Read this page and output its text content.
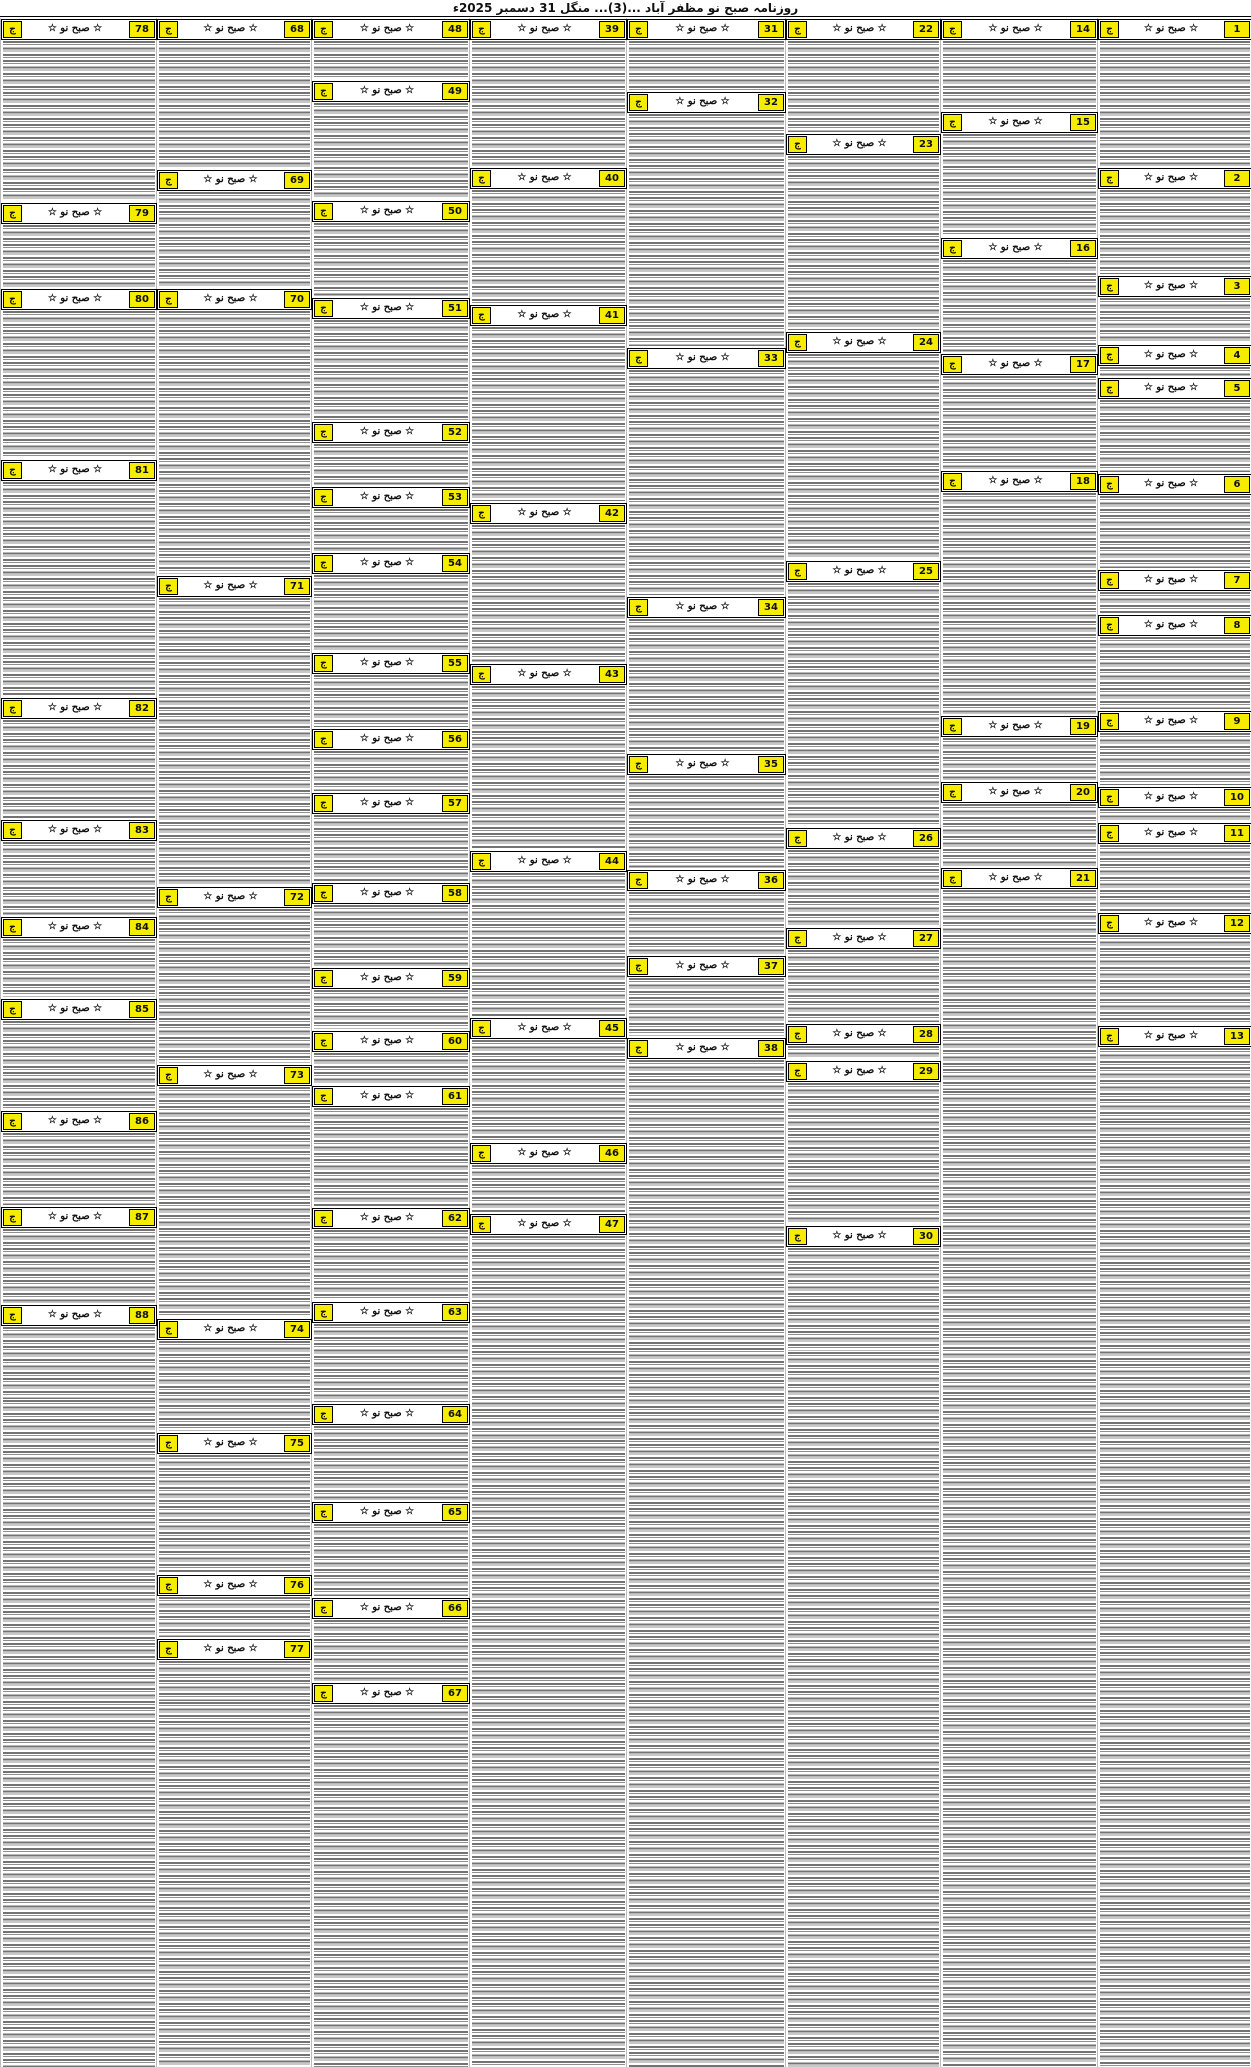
روزنامہ صبح نو مظفر آباد ...(3)... منگل 31 دسمبر 2025ء
1
☆ صبح نو ☆
ج
2
☆ صبح نو ☆
ج
3
☆ صبح نو ☆
ج
4
☆ صبح نو ☆
ج
5
☆ صبح نو ☆
ج
6
☆ صبح نو ☆
ج
7
☆ صبح نو ☆
ج
8
☆ صبح نو ☆
ج
9
☆ صبح نو ☆
ج
10
☆ صبح نو ☆
ج
11
☆ صبح نو ☆
ج
12
☆ صبح نو ☆
ج
13
☆ صبح نو ☆
ج
14
☆ صبح نو ☆
ج
15
☆ صبح نو ☆
ج
16
☆ صبح نو ☆
ج
17
☆ صبح نو ☆
ج
18
☆ صبح نو ☆
ج
19
☆ صبح نو ☆
ج
20
☆ صبح نو ☆
ج
21
☆ صبح نو ☆
ج
22
☆ صبح نو ☆
ج
23
☆ صبح نو ☆
ج
24
☆ صبح نو ☆
ج
25
☆ صبح نو ☆
ج
26
☆ صبح نو ☆
ج
27
☆ صبح نو ☆
ج
28
☆ صبح نو ☆
ج
29
☆ صبح نو ☆
ج
30
☆ صبح نو ☆
ج
31
☆ صبح نو ☆
ج
32
☆ صبح نو ☆
ج
33
☆ صبح نو ☆
ج
34
☆ صبح نو ☆
ج
35
☆ صبح نو ☆
ج
36
☆ صبح نو ☆
ج
37
☆ صبح نو ☆
ج
38
☆ صبح نو ☆
ج
39
☆ صبح نو ☆
ج
40
☆ صبح نو ☆
ج
41
☆ صبح نو ☆
ج
42
☆ صبح نو ☆
ج
43
☆ صبح نو ☆
ج
44
☆ صبح نو ☆
ج
45
☆ صبح نو ☆
ج
46
☆ صبح نو ☆
ج
47
☆ صبح نو ☆
ج
48
☆ صبح نو ☆
ج
49
☆ صبح نو ☆
ج
50
☆ صبح نو ☆
ج
51
☆ صبح نو ☆
ج
52
☆ صبح نو ☆
ج
53
☆ صبح نو ☆
ج
54
☆ صبح نو ☆
ج
55
☆ صبح نو ☆
ج
56
☆ صبح نو ☆
ج
57
☆ صبح نو ☆
ج
58
☆ صبح نو ☆
ج
59
☆ صبح نو ☆
ج
60
☆ صبح نو ☆
ج
61
☆ صبح نو ☆
ج
62
☆ صبح نو ☆
ج
63
☆ صبح نو ☆
ج
64
☆ صبح نو ☆
ج
65
☆ صبح نو ☆
ج
66
☆ صبح نو ☆
ج
67
☆ صبح نو ☆
ج
68
☆ صبح نو ☆
ج
69
☆ صبح نو ☆
ج
70
☆ صبح نو ☆
ج
71
☆ صبح نو ☆
ج
72
☆ صبح نو ☆
ج
73
☆ صبح نو ☆
ج
74
☆ صبح نو ☆
ج
75
☆ صبح نو ☆
ج
76
☆ صبح نو ☆
ج
77
☆ صبح نو ☆
ج
78
☆ صبح نو ☆
ج
79
☆ صبح نو ☆
ج
80
☆ صبح نو ☆
ج
81
☆ صبح نو ☆
ج
82
☆ صبح نو ☆
ج
83
☆ صبح نو ☆
ج
84
☆ صبح نو ☆
ج
85
☆ صبح نو ☆
ج
86
☆ صبح نو ☆
ج
87
☆ صبح نو ☆
ج
88
☆ صبح نو ☆
ج
